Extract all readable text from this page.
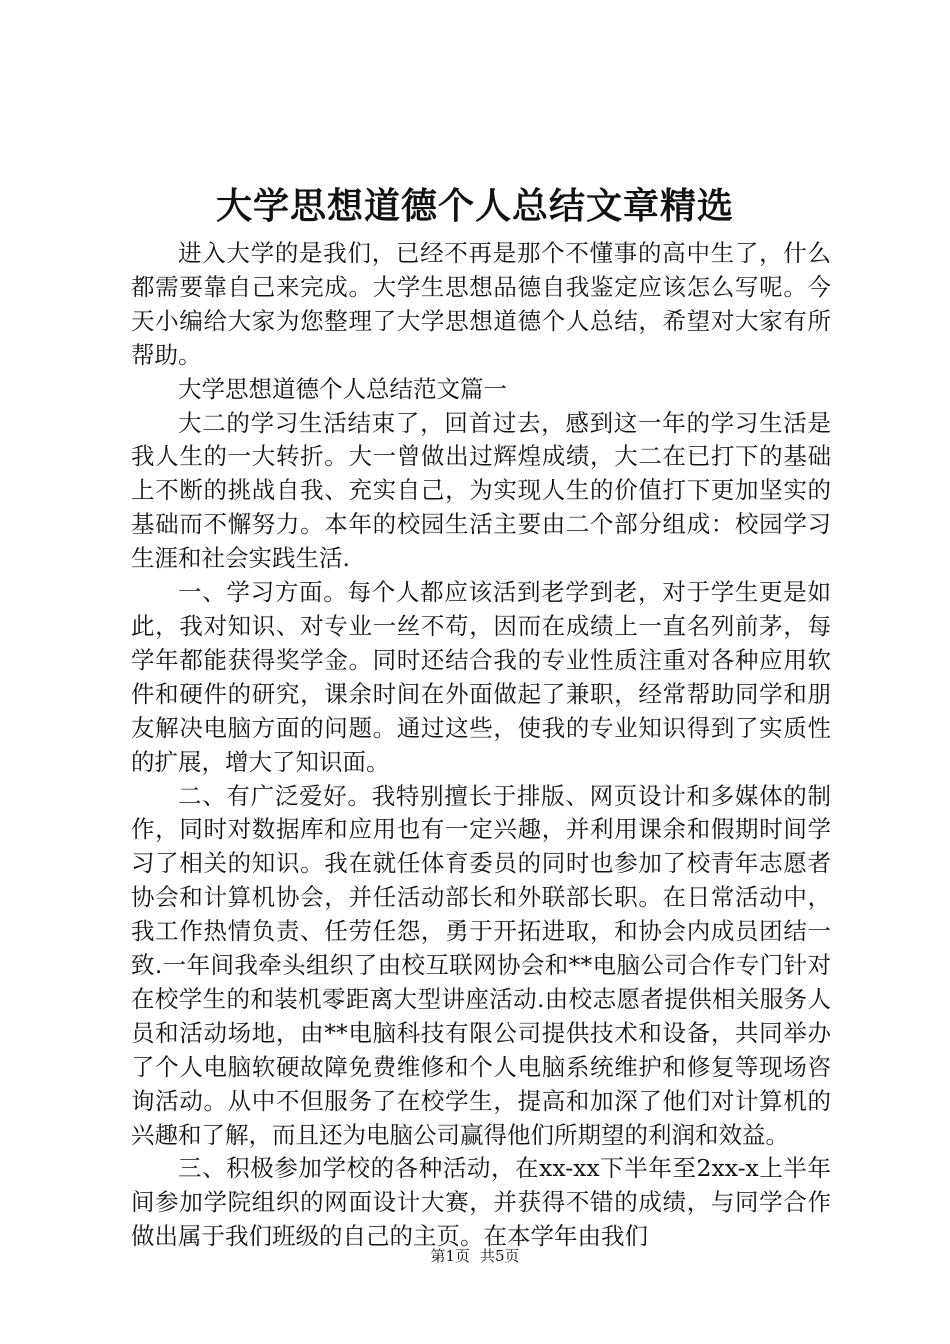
大学思想道德个人总结文章精选

进入大学的是我们，已经不再是那个不懂事的高中生了，什么都需要靠自己来完成。大学生思想品德自我鉴定应该怎么写呢。今天小编给大家为您整理了大学思想道德个人总结，希望对大家有所帮助。

大学思想道德个人总结范文篇一

大二的学习生活结束了，回首过去，感到这一年的学习生活是我人生的一大转折。大一曾做出过辉煌成绩，大二在已打下的基础上不断的挑战自我、充实自己，为实现人生的价值打下更加坚实的基础而不懈努力。本年的校园生活主要由二个部分组成：校园学习生涯和社会实践生活.

一、学习方面。每个人都应该活到老学到老，对于学生更是如此，我对知识、对专业一丝不苟，因而在成绩上一直名列前茅，每学年都能获得奖学金。同时还结合我的专业性质注重对各种应用软件和硬件的研究，课余时间在外面做起了兼职，经常帮助同学和朋友解决电脑方面的问题。通过这些，使我的专业知识得到了实质性的扩展，增大了知识面。

二、有广泛爱好。我特别擅长于排版、网页设计和多媒体的制作，同时对数据库和应用也有一定兴趣，并利用课余和假期时间学习了相关的知识。我在就任体育委员的同时也参加了校青年志愿者协会和计算机协会，并任活动部长和外联部长职。在日常活动中，我工作热情负责、任劳任怨，勇于开拓进取，和协会内成员团结一致.一年间我牵头组织了由校互联网协会和**电脑公司合作专门针对在校学生的和装机零距离大型讲座活动.由校志愿者提供相关服务人员和活动场地，由**电脑科技有限公司提供技术和设备，共同举办了个人电脑软硬故障免费维修和个人电脑系统维护和修复等现场咨询活动。从中不但服务了在校学生，提高和加深了他们对计算机的兴趣和了解，而且还为电脑公司赢得他们所期望的利润和效益。

三、积极参加学校的各种活动，在xx-xx下半年至2xx-x上半年间参加学院组织的网面设计大赛，并获得不错的成绩，与同学合作做出属于我们班级的自己的主页。在本学年由我们

第1页 共5页
